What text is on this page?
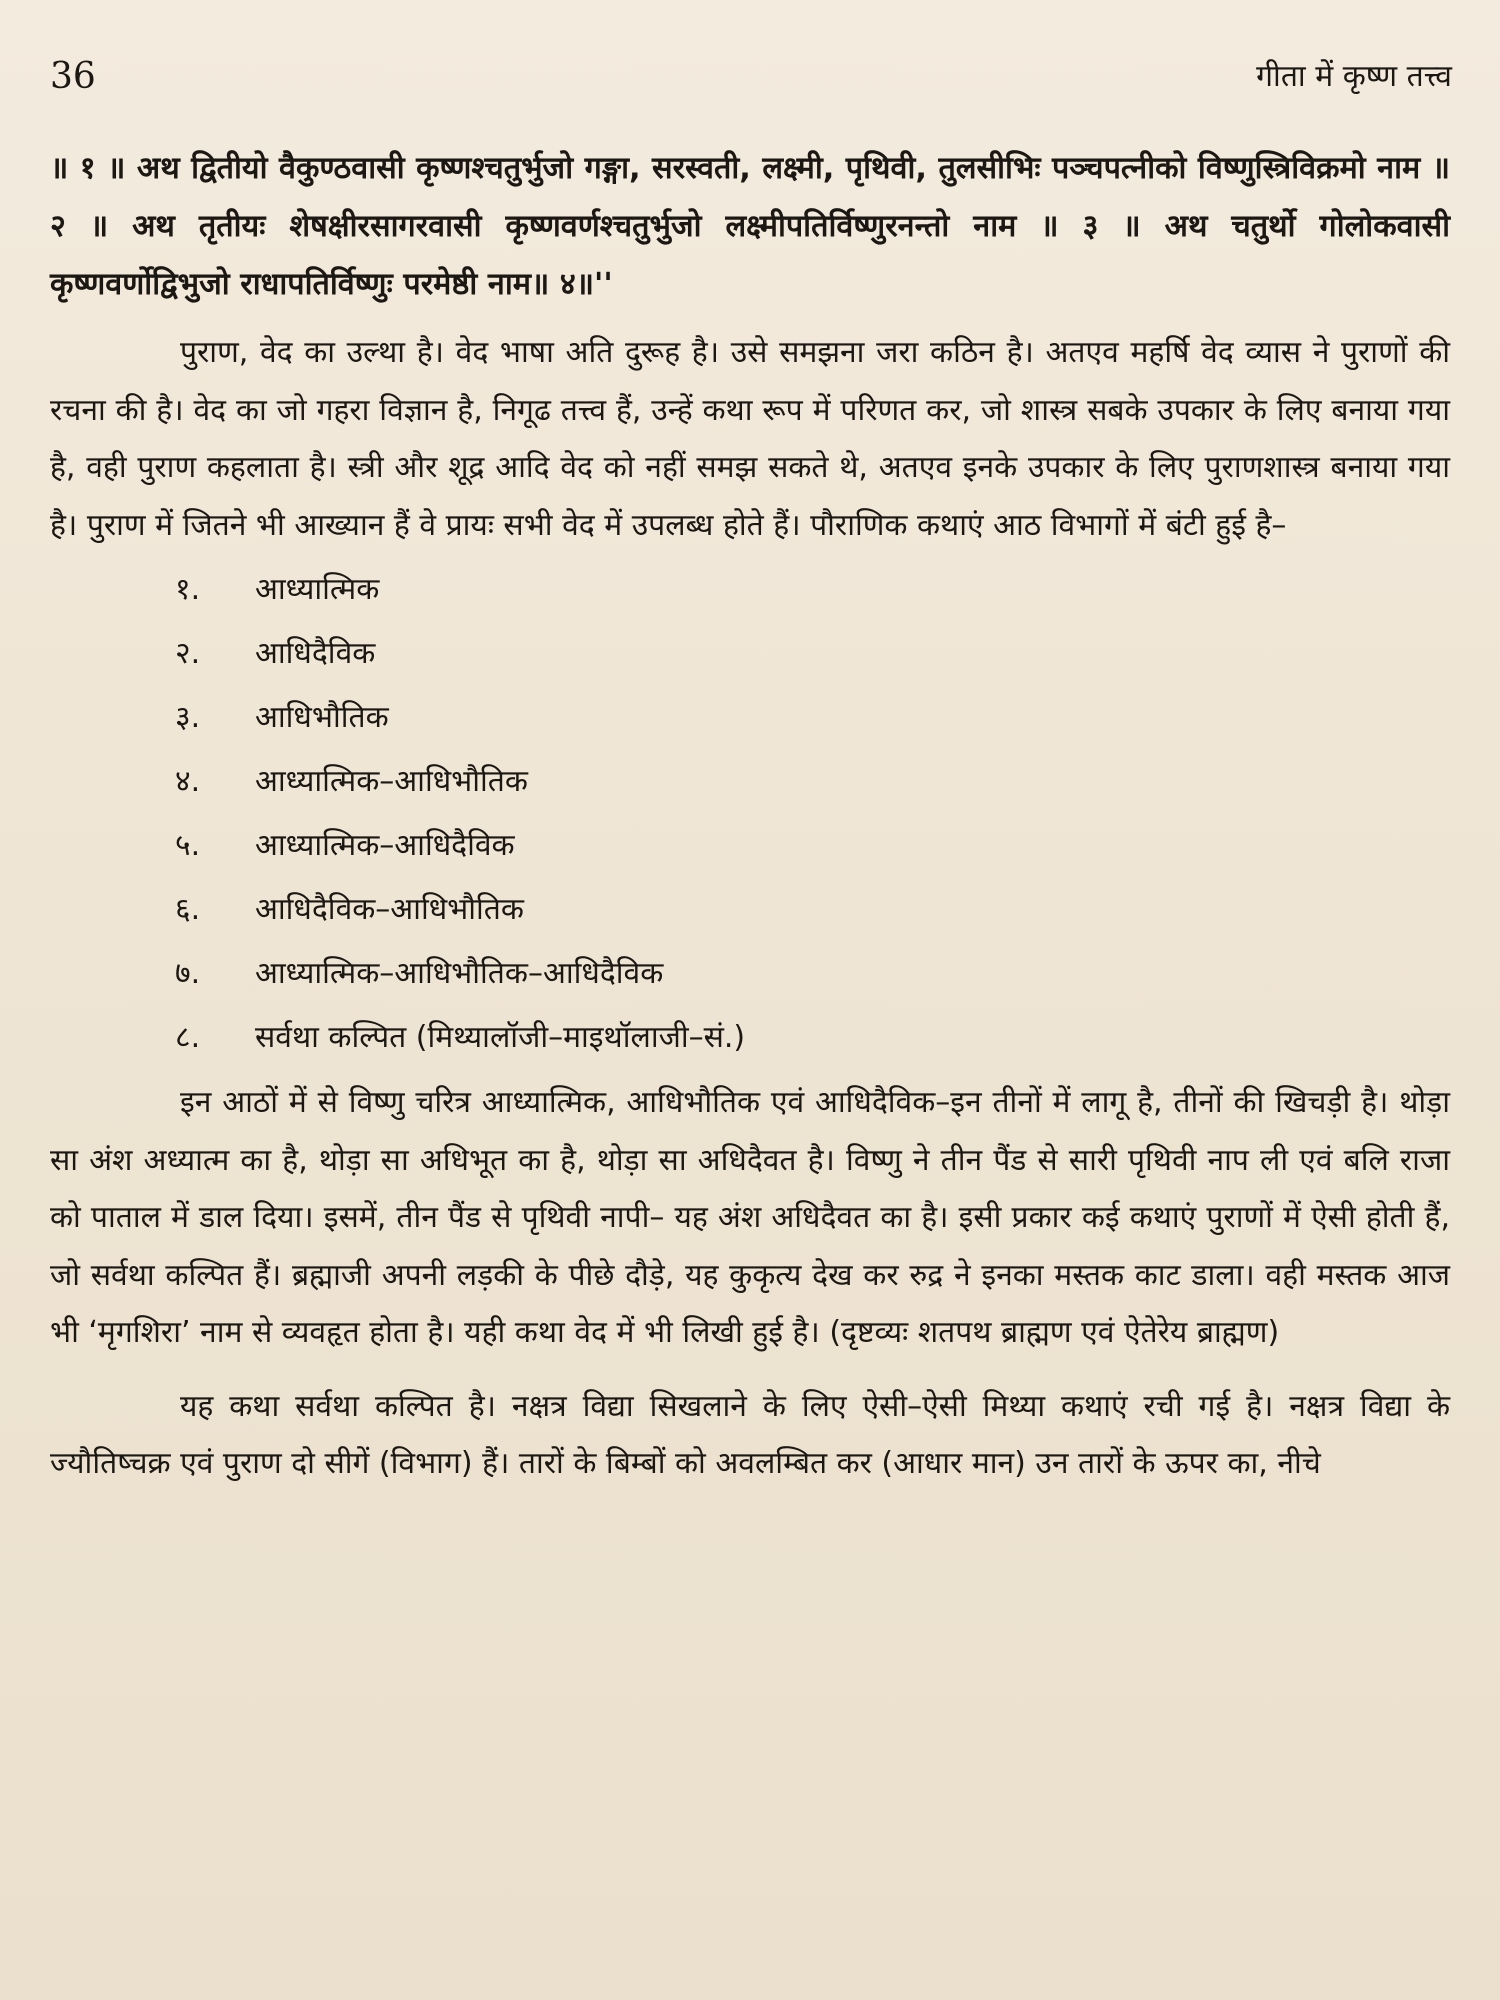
36	गीता में कृष्ण तत्त्व

॥ १ ॥ अथ द्वितीयो वैकुण्ठवासी कृष्णश्चतुर्भुजो गङ्गा, सरस्वती, लक्ष्मी, पृथिवी, तुलसीभिः पञ्चपत्नीको विष्णुस्त्रिविक्रमो नाम ॥ २ ॥ अथ तृतीयः शेषक्षीरसागरवासी कृष्णवर्णश्चतुर्भुजो लक्ष्मीपतिर्विष्णुरनन्तो नाम ॥ ३ ॥ अथ चतुर्थो गोलोकवासी कृष्णवर्णोद्विभुजो राधापतिर्विष्णुः परमेष्ठी नाम॥ ४॥''

पुराण, वेद का उल्था है। वेद भाषा अति दुरूह है। उसे समझना जरा कठिन है। अतएव महर्षि वेद व्यास ने पुराणों की रचना की है। वेद का जो गहरा विज्ञान है, निगूढ तत्त्व हैं, उन्हें कथा रूप में परिणत कर, जो शास्त्र सबके उपकार के लिए बनाया गया है, वही पुराण कहलाता है। स्त्री और शूद्र आदि वेद को नहीं समझ सकते थे, अतएव इनके उपकार के लिए पुराणशास्त्र बनाया गया है। पुराण में जितने भी आख्यान हैं वे प्रायः सभी वेद में उपलब्ध होते हैं। पौराणिक कथाएं आठ विभागों में बंटी हुई है–

१.	आध्यात्मिक
२.	आधिदैविक
३.	आधिभौतिक
४.	आध्यात्मिक–आधिभौतिक
५.	आध्यात्मिक–आधिदैविक
६.	आधिदैविक–आधिभौतिक
७.	आध्यात्मिक–आधिभौतिक–आधिदैविक
८.	सर्वथा कल्पित (मिथ्यालॉजी–माइथॉलाजी–सं.)

इन आठों में से विष्णु चरित्र आध्यात्मिक, आधिभौतिक एवं आधिदैविक–इन तीनों में लागू है, तीनों की खिचड़ी है। थोड़ा सा अंश अध्यात्म का है, थोड़ा सा अधिभूत का है, थोड़ा सा अधिदैवत है। विष्णु ने तीन पैंड से सारी पृथिवी नाप ली एवं बलि राजा को पाताल में डाल दिया। इसमें, तीन पैंड से पृथिवी नापी– यह अंश अधिदैवत का है। इसी प्रकार कई कथाएं पुराणों में ऐसी होती हैं, जो सर्वथा कल्पित हैं। ब्रह्माजी अपनी लड़की के पीछे दौड़े, यह कुकृत्य देख कर रुद्र ने इनका मस्तक काट डाला। वही मस्तक आज भी ‘मृगशिरा’ नाम से व्यवहृत होता है। यही कथा वेद में भी लिखी हुई है। (दृष्टव्यः शतपथ ब्राह्मण एवं ऐतेरेय ब्राह्मण)

यह कथा सर्वथा कल्पित है। नक्षत्र विद्या सिखलाने के लिए ऐसी–ऐसी मिथ्या कथाएं रची गई है। नक्षत्र विद्या के ज्यौतिष्चक्र एवं पुराण दो सीगें (विभाग) हैं। तारों के बिम्बों को अवलम्बित कर (आधार मान) उन तारों के ऊपर का, नीचे
